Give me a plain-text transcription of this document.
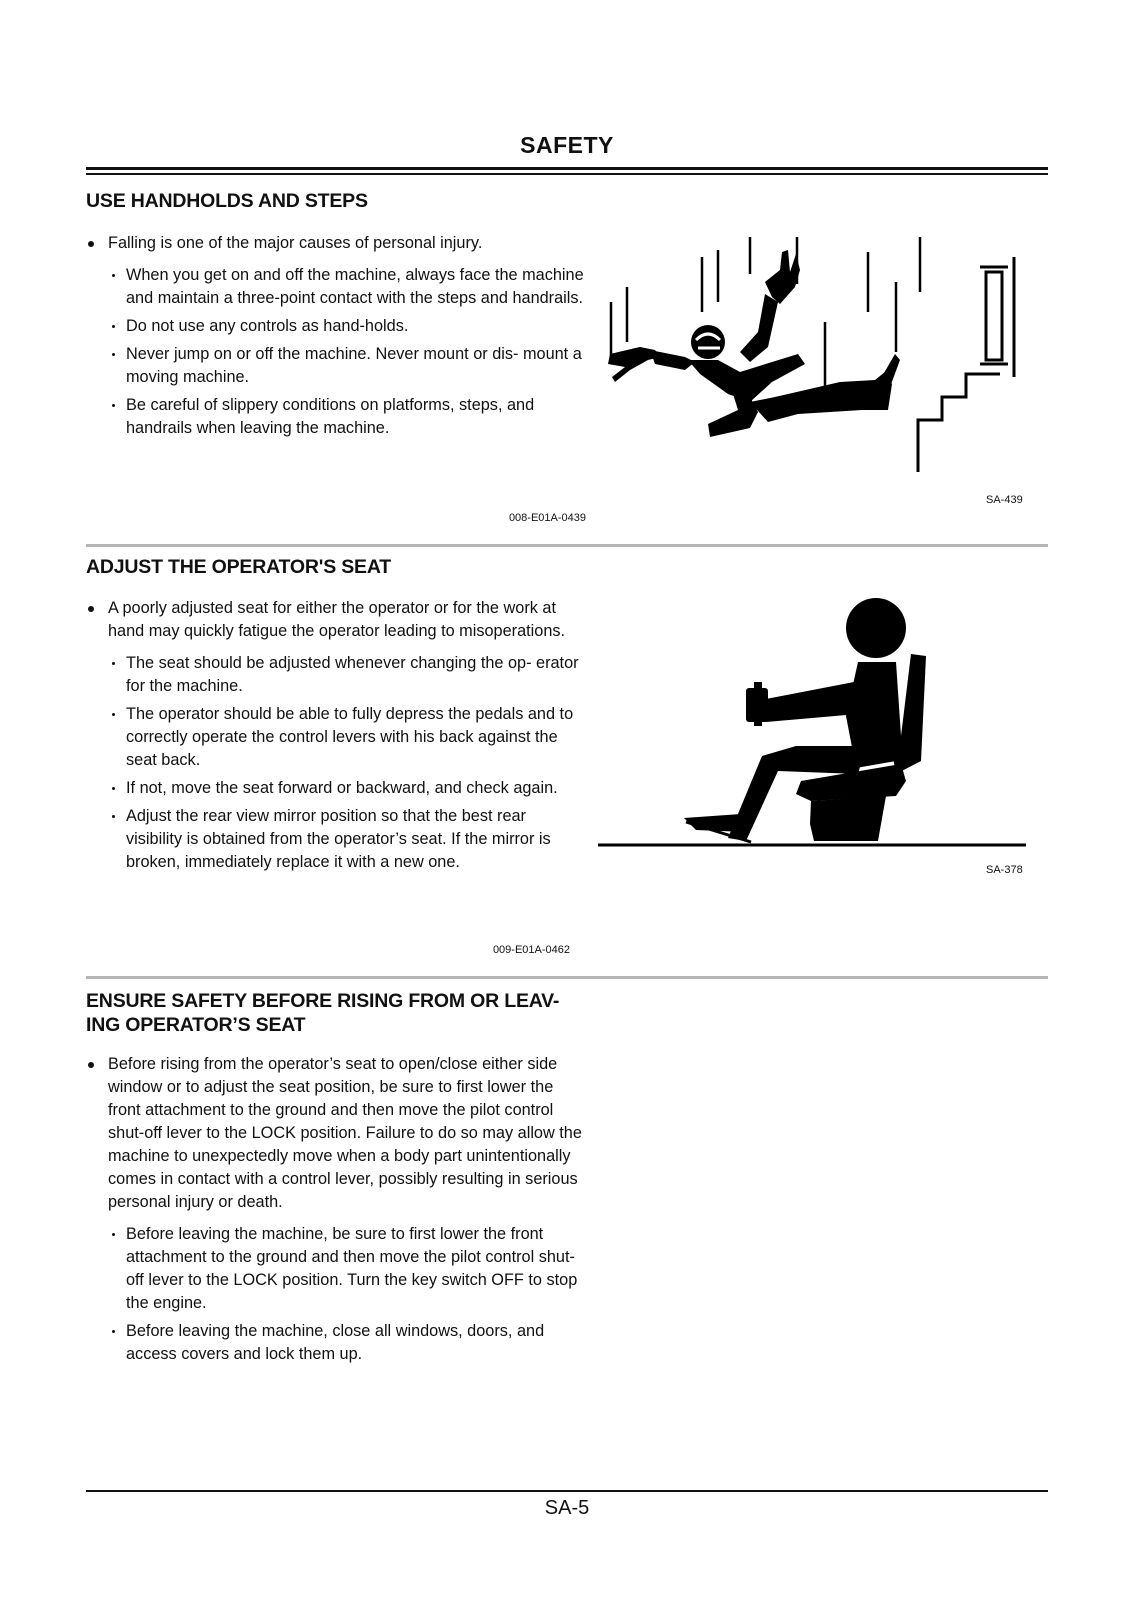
SAFETY
USE HANDHOLDS AND STEPS
Falling is one of the major causes of personal injury.
When you get on and off the machine, always face the machine and maintain a three-point contact with the steps and handrails.
Do not use any controls as hand-holds.
Never jump on or off the machine. Never mount or dis- mount a moving machine.
Be careful of slippery conditions on platforms, steps, and handrails when leaving the machine.
008-E01A-0439
SA-439
ADJUST THE OPERATOR'S SEAT
A poorly adjusted seat for either the operator or for the work at hand may quickly fatigue the operator leading to misoperations.
The seat should be adjusted whenever changing the op- erator for the machine.
The operator should be able to fully depress the pedals and to correctly operate the control levers with his back against the seat back.
If not, move the seat forward or backward, and check again.
Adjust the rear view mirror position so that the best rear visibility is obtained from the operator’s seat. If the mirror is broken, immediately replace it with a new one.
009-E01A-0462
SA-378
ENSURE SAFETY BEFORE RISING FROM OR LEAV- ING OPERATOR’S SEAT
Before rising from the operator’s seat to open/close either side window or to adjust the seat position, be sure to first lower the front attachment to the ground and then move the pilot control shut-off lever to the LOCK position. Failure to do so may allow the machine to unexpectedly move when a body part unintentionally comes in contact with a control lever, possibly resulting in serious personal injury or death.
Before leaving the machine, be sure to first lower the front attachment to the ground and then move the pilot control shut-off lever to the LOCK position. Turn the key switch OFF to stop the engine.
Before leaving the machine, close all windows, doors, and access covers and lock them up.
SA-5
